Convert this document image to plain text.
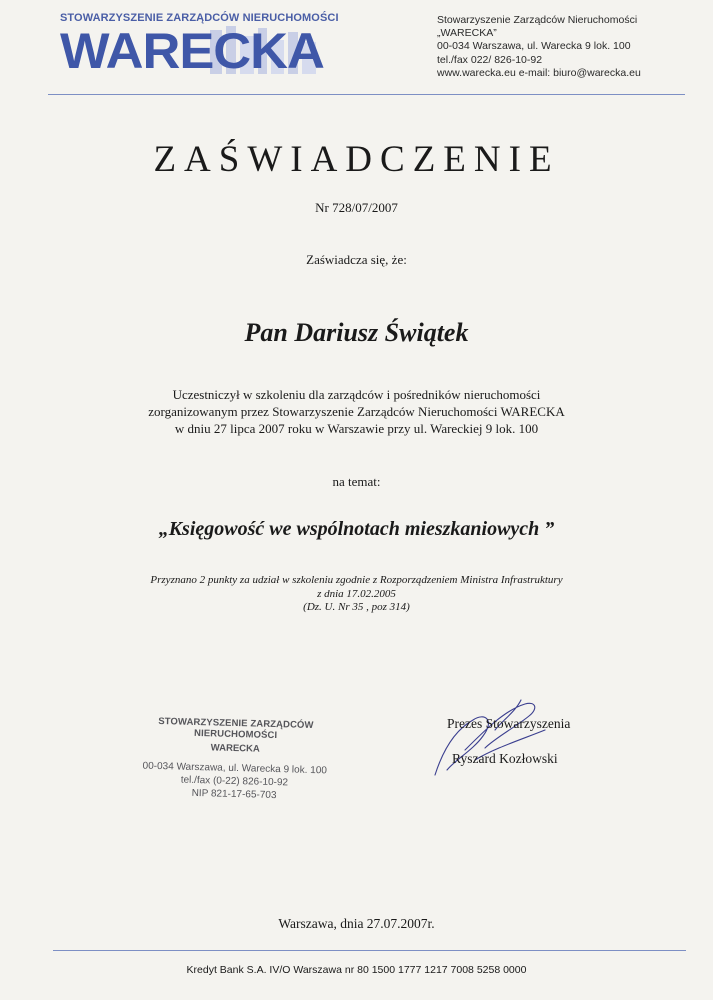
STOWARZYSZENIE ZARZĄDCÓW NIERUCHOMOŚCI
WARECKA
Stowarzyszenie Zarządców Nieruchomości
„WARECKA”
00-034 Warszawa, ul. Warecka 9 lok. 100
tel./fax 022/ 826-10-92
www.warecka.eu e-mail: biuro@warecka.eu
ZAŚWIADCZENIE
Nr 728/07/2007
Zaświadcza się, że:
Pan Dariusz Świątek
Uczestniczył w szkoleniu dla zarządców i pośredników nieruchomości
zorganizowanym przez Stowarzyszenie Zarządców Nieruchomości WARECKA
w dniu 27 lipca 2007 roku w Warszawie przy ul. Wareckiej 9 lok. 100
na temat:
„Księgowość we wspólnotach mieszkaniowych ”
Przyznano 2 punkty za udział w szkoleniu zgodnie z Rozporządzeniem Ministra Infrastruktury
z dnia 17.02.2005
(Dz. U. Nr 35 , poz 314)
STOWARZYSZENIE ZARZĄDCÓW NIERUCHOMOŚCI
WARECKA
00-034 Warszawa, ul. Warecka 9 lok. 100
tel./fax (0-22) 826-10-92
NIP 821-17-65-703
Prezes Stowarzyszenia
Ryszard Kozłowski
Warszawa, dnia 27.07.2007r.
Kredyt Bank S.A. IV/O Warszawa nr 80 1500 1777 1217 7008 5258 0000
